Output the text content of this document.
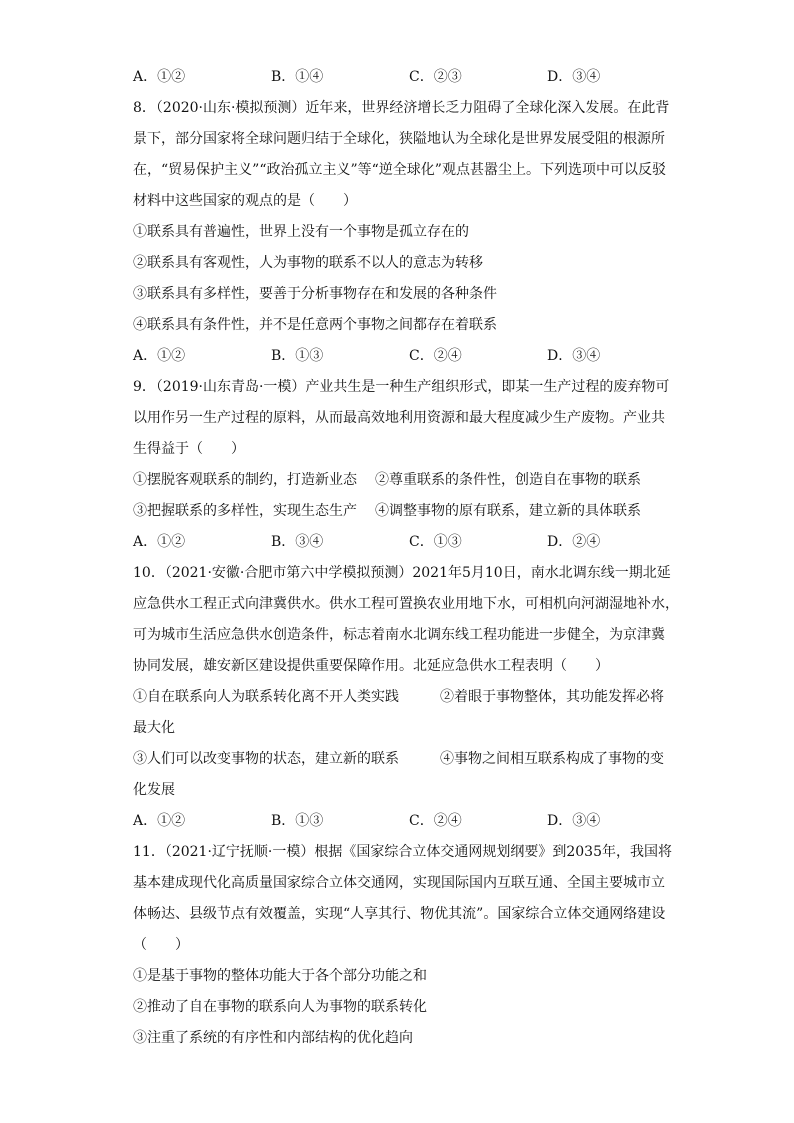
A．①②	B．①④	C．②③	D．③④
8．（2020·山东·模拟预测）近年来，世界经济增长乏力阻碍了全球化深入发展。在此背
景下，部分国家将全球问题归结于全球化，狭隘地认为全球化是世界发展受阻的根源所
在，“贸易保护主义”“政治孤立主义”等“逆全球化”观点甚嚣尘上。下列选项中可以反驳
材料中这些国家的观点的是（　　）
①联系具有普遍性，世界上没有一个事物是孤立存在的
②联系具有客观性，人为事物的联系不以人的意志为转移
③联系具有多样性，要善于分析事物存在和发展的各种条件
④联系具有条件性，并不是任意两个事物之间都存在着联系
A．①②	B．①③	C．②④	D．③④
9．（2019·山东青岛·一模）产业共生是一种生产组织形式，即某一生产过程的废弃物可
以用作另一生产过程的原料，从而最高效地利用资源和最大程度减少生产废物。产业共
生得益于（　　）
①摆脱客观联系的制约，打造新业态 ②尊重联系的条件性，创造自在事物的联系
③把握联系的多样性，实现生态生产 ④调整事物的原有联系，建立新的具体联系
A．①②	B．③④	C．①③	D．②④
10．（2021·安徽·合肥市第六中学模拟预测）2021年5月10日，南水北调东线一期北延
应急供水工程正式向津冀供水。供水工程可置换农业用地下水，可相机向河湖湿地补水，
可为城市生活应急供水创造条件，标志着南水北调东线工程功能进一步健全，为京津冀
协同发展，雄安新区建设提供重要保障作用。北延应急供水工程表明（　　）
①自在联系向人为联系转化离不开人类实践	②着眼于事物整体，其功能发挥必将
最大化
③人们可以改变事物的状态，建立新的联系	④事物之间相互联系构成了事物的变
化发展
A．①②	B．①③	C．②④	D．③④
11．（2021·辽宁抚顺·一模）根据《国家综合立体交通网规划纲要》到2035年，我国将
基本建成现代化高质量国家综合立体交通网，实现国际国内互联互通、全国主要城市立
体畅达、县级节点有效覆盖，实现“人享其行、物优其流”。国家综合立体交通网络建设
（　　）
①是基于事物的整体功能大于各个部分功能之和
②推动了自在事物的联系向人为事物的联系转化
③注重了系统的有序性和内部结构的优化趋向
